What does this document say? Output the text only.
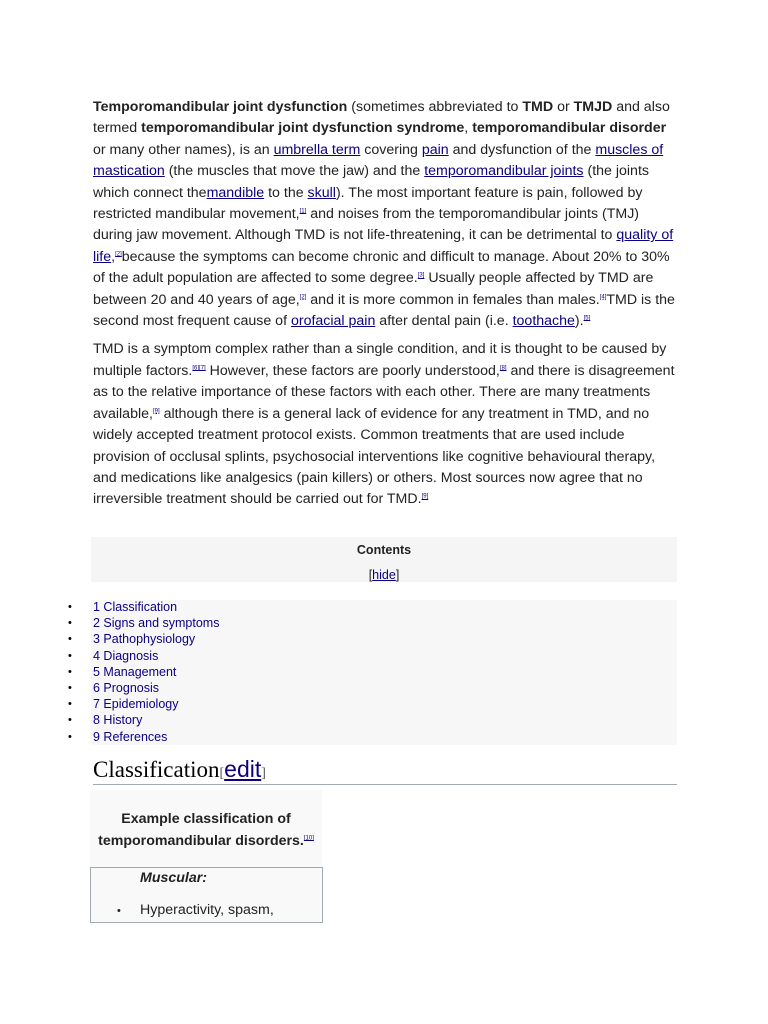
Temporomandibular joint dysfunction (sometimes abbreviated to TMD or TMJD and also termed temporomandibular joint dysfunction syndrome, temporomandibular disorder or many other names), is an umbrella term covering pain and dysfunction of the muscles of mastication (the muscles that move the jaw) and the temporomandibular joints (the joints which connect themandible to the skull). The most important feature is pain, followed by restricted mandibular movement,[1] and noises from the temporomandibular joints (TMJ) during jaw movement. Although TMD is not life-threatening, it can be detrimental to quality of life,[2]because the symptoms can become chronic and difficult to manage. About 20% to 30% of the adult population are affected to some degree.[3] Usually people affected by TMD are between 20 and 40 years of age,[2] and it is more common in females than males.[4]TMD is the second most frequent cause of orofacial pain after dental pain (i.e. toothache).[5]

TMD is a symptom complex rather than a single condition, and it is thought to be caused by multiple factors.[6][7] However, these factors are poorly understood,[8] and there is disagreement as to the relative importance of these factors with each other. There are many treatments available,[9] although there is a general lack of evidence for any treatment in TMD, and no widely accepted treatment protocol exists. Common treatments that are used include provision of occlusal splints, psychosocial interventions like cognitive behavioural therapy, and medications like analgesics (pain killers) or others. Most sources now agree that no irreversible treatment should be carried out for TMD.[9]

Contents
[hide]
• 1 Classification
• 2 Signs and symptoms
• 3 Pathophysiology
• 4 Diagnosis
• 5 Management
• 6 Prognosis
• 7 Epidemiology
• 8 History
• 9 References
Classification[edit]
Example classification of temporomandibular disorders.[10]
Muscular:
• Hyperactivity, spasm,
